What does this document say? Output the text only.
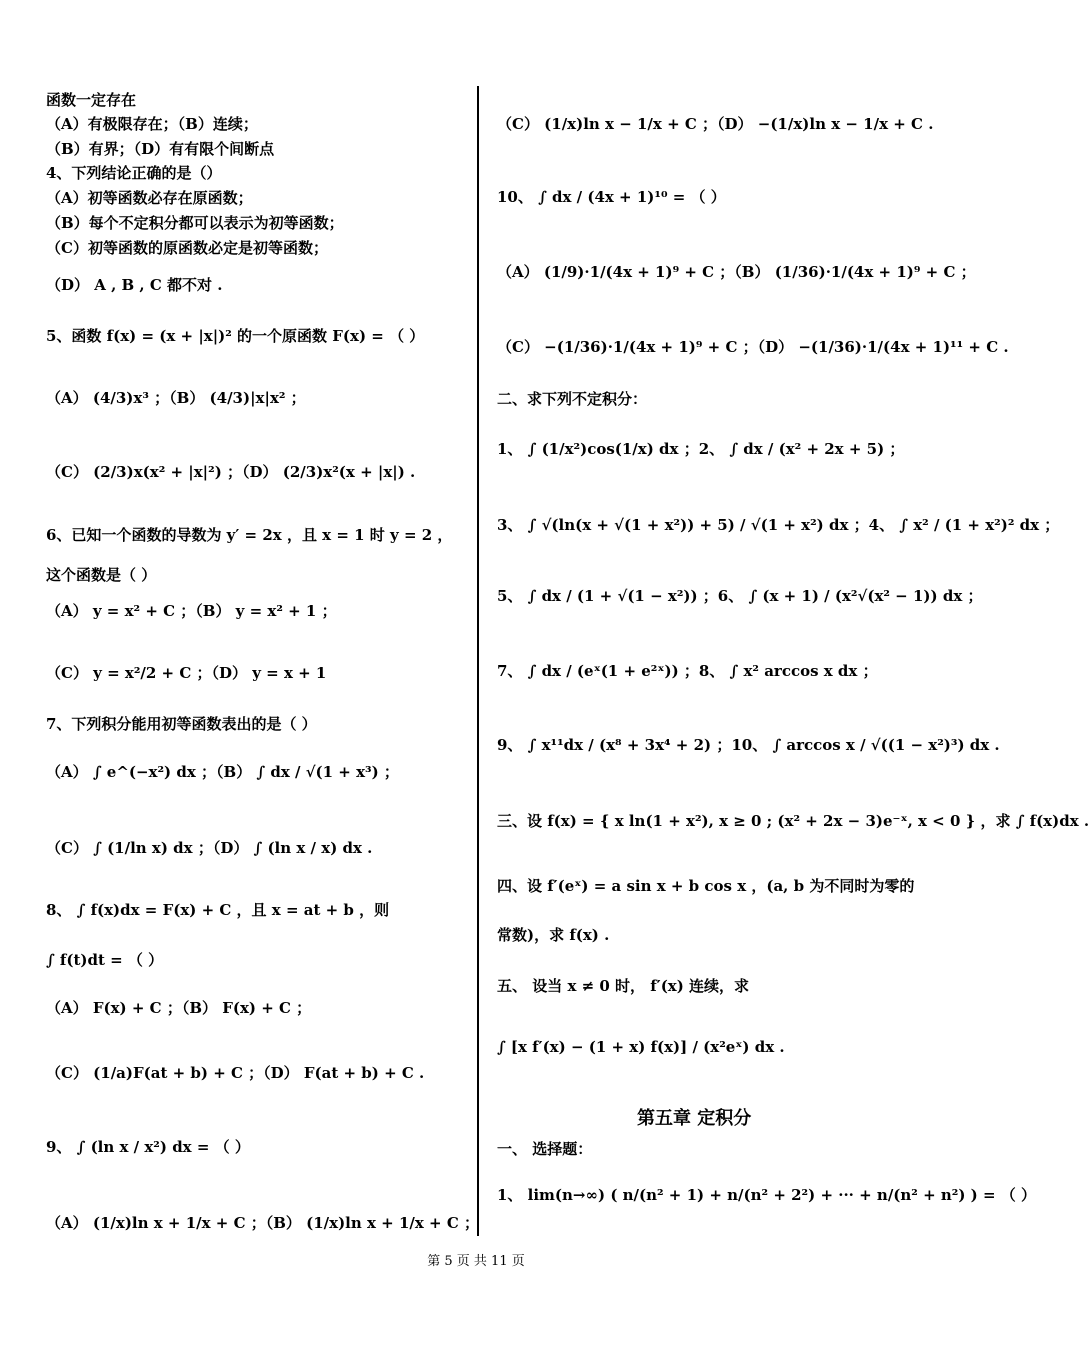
函数一定存在
（A）有极限存在；（B）连续；
（B）有界；（D）有有限个间断点
4、下列结论正确的是（）
（A）初等函数必存在原函数；
（B）每个不定积分都可以表示为初等函数；
（C）初等函数的原函数必定是初等函数；
（D） A , B , C 都不对 .
5、函数 f(x) = (x + |x|)² 的一个原函数 F(x) = （ ）
（A） (4/3)x³ ；（B） (4/3)|x|x² ；
（C） (2/3)x(x² + |x|²) ；（D） (2/3)x²(x + |x|) .
6、已知一个函数的导数为 y′ = 2x ，且 x = 1 时 y = 2 ，
这个函数是（ ）
（A） y = x² + C ；（B） y = x² + 1 ；
（C） y = x²/2 + C ；（D） y = x + 1
7、下列积分能用初等函数表出的是（ ）
（A） ∫ e^(−x²) dx ；（B） ∫ dx / √(1 + x³) ；
（C） ∫ (1/ln x) dx ；（D） ∫ (ln x / x) dx .
8、 ∫ f(x)dx = F(x) + C ，且 x = at + b ，则
∫ f(t)dt = （ ）
（A） F(x) + C ；（B） F(x) + C ；
（C） (1/a)F(at + b) + C ；（D） F(at + b) + C .
9、 ∫ (ln x / x²) dx = （ ）
（A） (1/x)ln x + 1/x + C ；（B） (1/x)ln x + 1/x + C ；
（C） (1/x)ln x − 1/x + C ；（D） −(1/x)ln x − 1/x + C .
10、 ∫ dx / (4x + 1)¹⁰ = （ ）
（A） (1/9)·1/(4x + 1)⁹ + C ；（B） (1/36)·1/(4x + 1)⁹ + C ；
（C） −(1/36)·1/(4x + 1)⁹ + C ；（D） −(1/36)·1/(4x + 1)¹¹ + C .
二、求下列不定积分：
1、 ∫ (1/x²)cos(1/x) dx ；2、 ∫ dx / (x² + 2x + 5) ；
3、 ∫ √(ln(x + √(1 + x²)) + 5) / √(1 + x²) dx ；4、 ∫ x² / (1 + x²)² dx ；
5、 ∫ dx / (1 + √(1 − x²)) ；6、 ∫ (x + 1) / (x²√(x² − 1)) dx ；
7、 ∫ dx / (eˣ(1 + e²ˣ)) ；8、 ∫ x² arccos x dx ；
9、 ∫ x¹¹dx / (x⁸ + 3x⁴ + 2) ；10、 ∫ arccos x / √((1 − x²)³) dx .
三、设 f(x) = { x ln(1 + x²), x ≥ 0 ; (x² + 2x − 3)e⁻ˣ, x < 0 } ，求 ∫ f(x)dx .
四、设 f′(eˣ) = a sin x + b cos x ，(a, b 为不同时为零的
常数)，求 f(x) .
五、 设当 x ≠ 0 时， f′(x) 连续，求
∫ [x f′(x) − (1 + x) f(x)] / (x²eˣ) dx .
第五章 定积分
一、 选择题：
1、 lim(n→∞) ( n/(n² + 1) + n/(n² + 2²) + ··· + n/(n² + n²) ) = （ ）
第 5 页 共 11 页
